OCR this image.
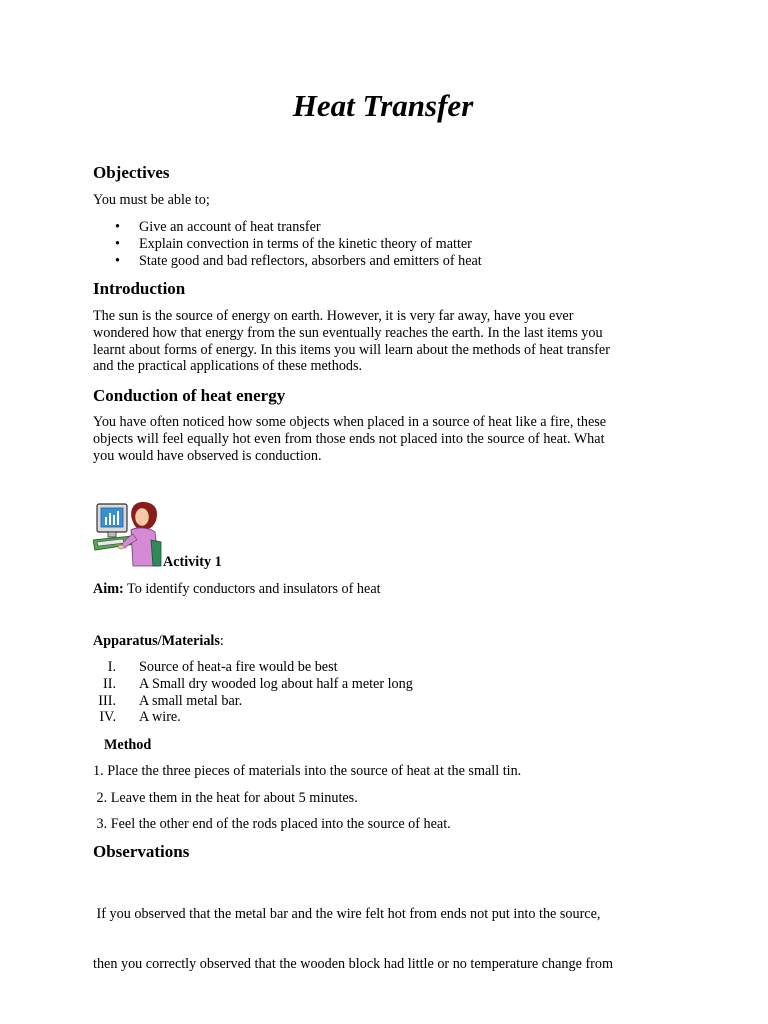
Heat Transfer
Objectives

You must be able to;

• Give an account of heat transfer
• Explain convection in terms of the kinetic theory of matter
• State good and bad reflectors, absorbers and emitters of heat
Introduction
The sun is the source of energy on earth. However, it is very far away, have you ever
wondered how that energy from the sun eventually reaches the earth. In the last items you
learnt about forms of energy. In this items you will learn about the methods of heat transfer
and the practical applications of these methods.
Conduction of heat energy
You have often noticed how some objects when placed in a source of heat like a fire, these
objects will feel equally hot even from those ends not placed into the source of heat. What
you would have observed is conduction.
Activity 1

Aim: To identify conductors and insulators of heat

Apparatus/Materials:

I. Source of heat-a fire would be best
II. A Small dry wooded log about half a meter long
III. A small metal bar.
IV. A wire.

Method

1. Place the three pieces of materials into the source of heat at the small tin.

2. Leave them in the heat for about 5 minutes.

3. Feel the other end of the rods placed into the source of heat.

Observations

If you observed that the metal bar and the wire felt hot from ends not put into the source,

then you correctly observed that the wooden block had little or no temperature change from
